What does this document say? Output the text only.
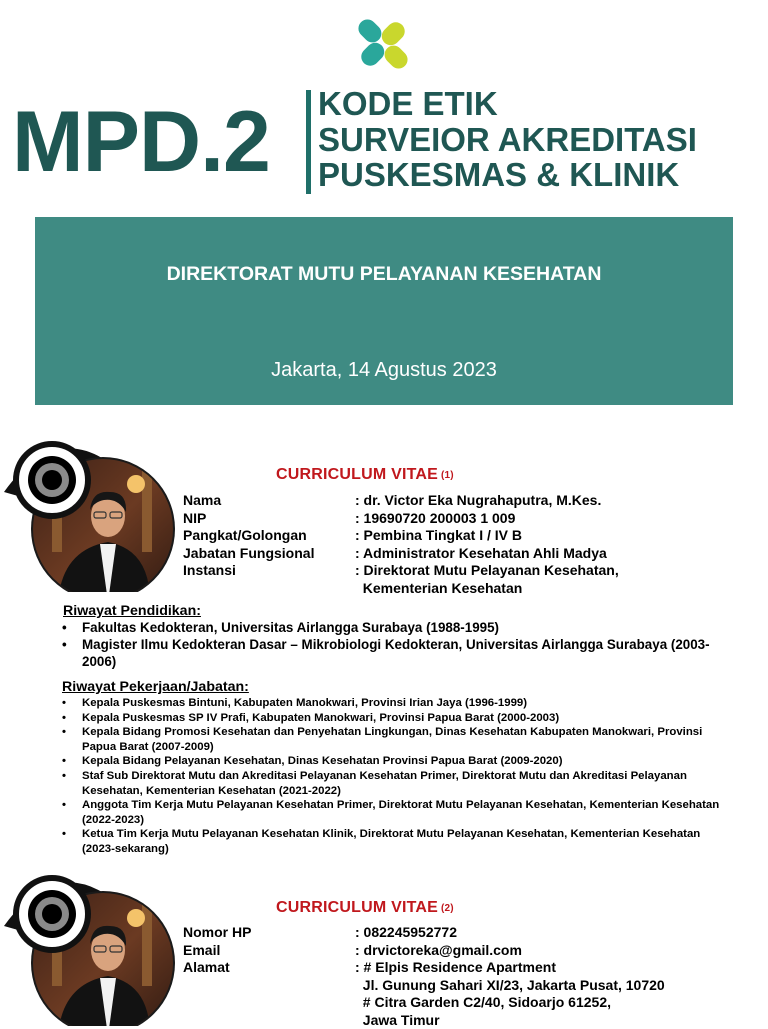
MPD.2 KODE ETIK
SURVEIOR AKREDITASI
PUSKESMAS & KLINIK
DIREKTORAT MUTU PELAYANAN KESEHATAN
Jakarta, 14 Agustus 2023
CURRICULUM VITAE $^{(1)}$
Nama	: dr. Victor Eka Nugrahaputra, M.Kes.
NIP	: 19690720 200003 1 009
Pangkat/Golongan	: Pembina Tingkat I / IV B
Jabatan Fungsional	: Administrator Kesehatan Ahli Madya
Instansi	: Direktorat Mutu Pelayanan Kesehatan,
Kementerian Kesehatan
Riwayat Pendidikan:
• Fakultas Kedokteran, Universitas Airlangga Surabaya (1988-1995)
• Magister Ilmu Kedokteran Dasar – Mikrobiologi Kedokteran, Universitas Airlangga Surabaya (2003-2006)
Riwayat Pekerjaan/Jabatan:
• Kepala Puskesmas Bintuni, Kabupaten Manokwari, Provinsi Irian Jaya (1996-1999)
• Kepala Puskesmas SP IV Prafi, Kabupaten Manokwari, Provinsi Papua Barat (2000-2003)
• Kepala Bidang Promosi Kesehatan dan Penyehatan Lingkungan, Dinas Kesehatan Kabupaten Manokwari, Provinsi Papua Barat (2007-2009)
• Kepala Bidang Pelayanan Kesehatan, Dinas Kesehatan Provinsi Papua Barat (2009-2020)
• Staf Sub Direktorat Mutu dan Akreditasi Pelayanan Kesehatan Primer, Direktorat Mutu dan Akreditasi Pelayanan Kesehatan, Kementerian Kesehatan (2021-2022)
• Anggota Tim Kerja Mutu Pelayanan Kesehatan Primer, Direktorat Mutu Pelayanan Kesehatan, Kementerian Kesehatan (2022-2023)
• Ketua Tim Kerja Mutu Pelayanan Kesehatan Klinik, Direktorat Mutu Pelayanan Kesehatan, Kementerian Kesehatan (2023-sekarang)
CURRICULUM VITAE $^{(2)}$
Nomor HP	: 082245952772
Email	: drvictoreka@gmail.com
Alamat	: # Elpis Residence Apartment
Jl. Gunung Sahari XI/23, Jakarta Pusat, 10720
# Citra Garden C2/40, Sidoarjo 61252,
Jawa Timur
